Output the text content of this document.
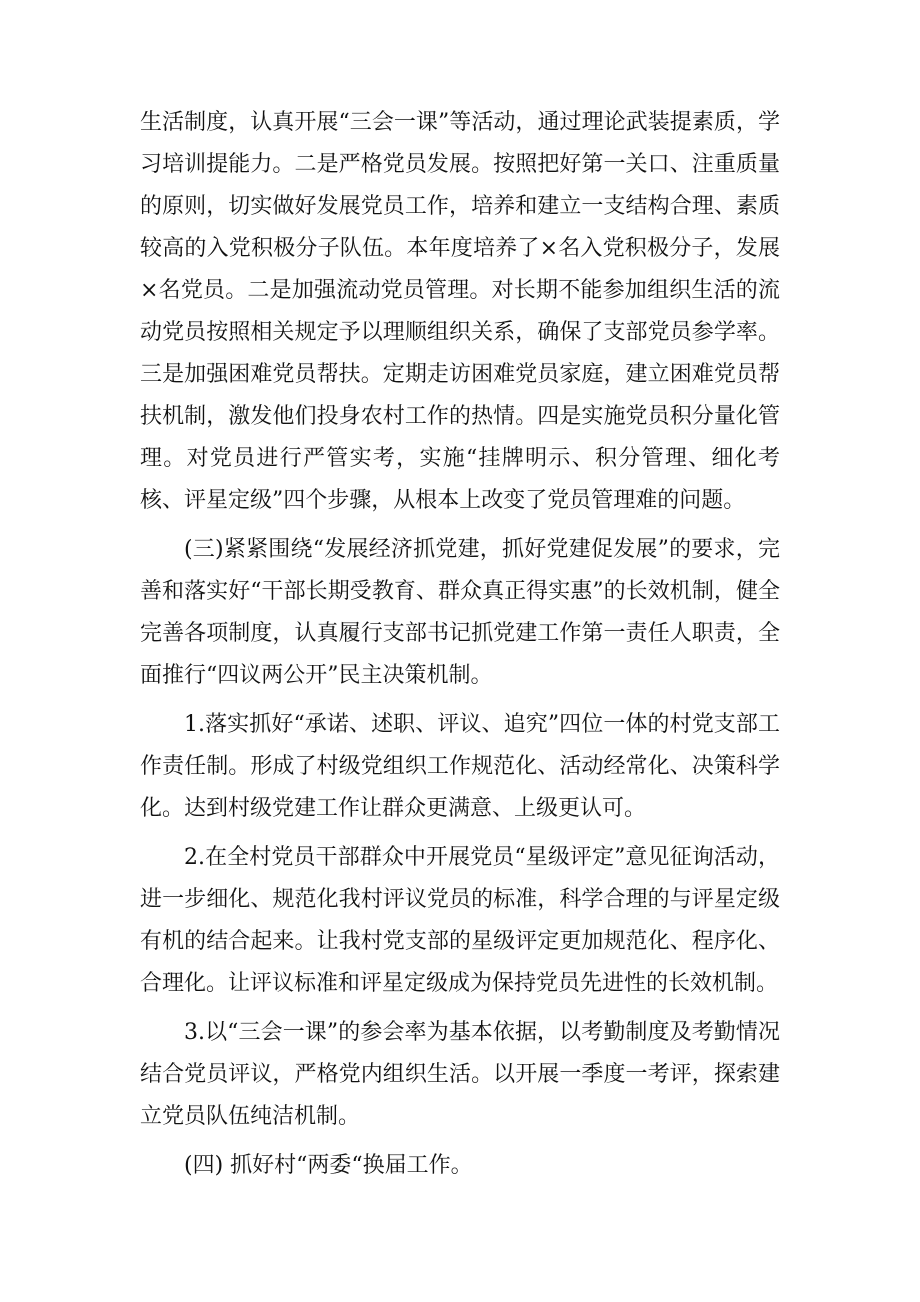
生活制度，认真开展“三会一课”等活动，通过理论武装提素质，学习培训提能力。二是严格党员发展。按照把好第一关口、注重质量的原则，切实做好发展党员工作，培养和建立一支结构合理、素质较高的入党积极分子队伍。本年度培养了×名入党积极分子，发展×名党员。二是加强流动党员管理。对长期不能参加组织生活的流动党员按照相关规定予以理顺组织关系，确保了支部党员参学率。三是加强困难党员帮扶。定期走访困难党员家庭，建立困难党员帮扶机制，激发他们投身农村工作的热情。四是实施党员积分量化管理。对党员进行严管实考，实施“挂牌明示、积分管理、细化考核、评星定级”四个步骤，从根本上改变了党员管理难的问题。

(三)紧紧围绕“发展经济抓党建，抓好党建促发展”的要求，完善和落实好“干部长期受教育、群众真正得实惠”的长效机制，健全完善各项制度，认真履行支部书记抓党建工作第一责任人职责，全面推行“四议两公开”民主决策机制。

1.落实抓好“承诺、述职、评议、追究”四位一体的村党支部工作责任制。形成了村级党组织工作规范化、活动经常化、决策科学化。达到村级党建工作让群众更满意、上级更认可。

2.在全村党员干部群众中开展党员“星级评定”意见征询活动，进一步细化、规范化我村评议党员的标准，科学合理的与评星定级有机的结合起来。让我村党支部的星级评定更加规范化、程序化、合理化。让评议标准和评星定级成为保持党员先进性的长效机制。

3.以“三会一课”的参会率为基本依据，以考勤制度及考勤情况结合党员评议，严格党内组织生活。以开展一季度一考评，探索建立党员队伍纯洁机制。

(四) 抓好村“两委“换届工作。
